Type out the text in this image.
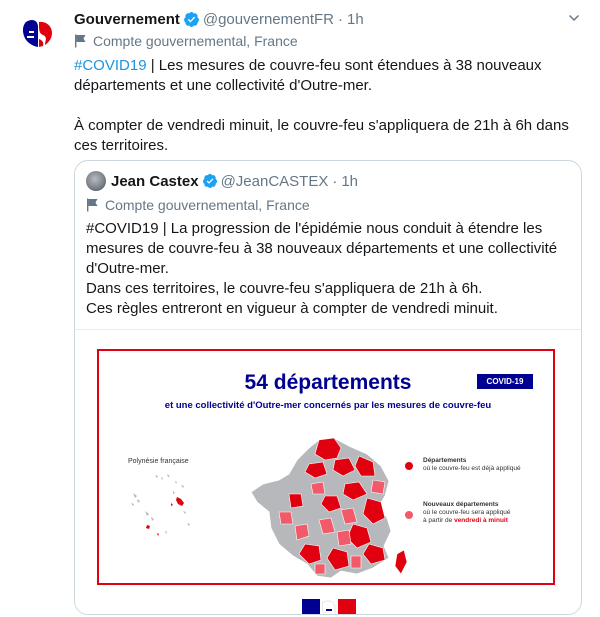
Gouvernement @gouvernementFR · 1h
Compte gouvernemental, France

#COVID19 | Les mesures de couvre-feu sont étendues à 38 nouveaux départements et une collectivité d'Outre-mer.

À compter de vendredi minuit, le couvre-feu s'appliquera de 21h à 6h dans ces territoires.

Jean Castex @JeanCASTEX · 1h
Compte gouvernemental, France

#COVID19 | La progression de l'épidémie nous conduit à étendre les mesures de couvre-feu à 38 nouveaux départements et une collectivité d'Outre-mer.

Dans ces territoires, le couvre-feu s'appliquera de 21h à 6h.

Ces règles entreront en vigueur à compter de vendredi minuit.

54 départements	COVID-19
et une collectivité d'Outre-mer concernés par les mesures de couvre-feu
Polynésie française	Départements
où le couvre-feu est déjà appliqué
Nouveaux départements
où le couvre-feu sera appliqué
à partir de vendredi à minuit
